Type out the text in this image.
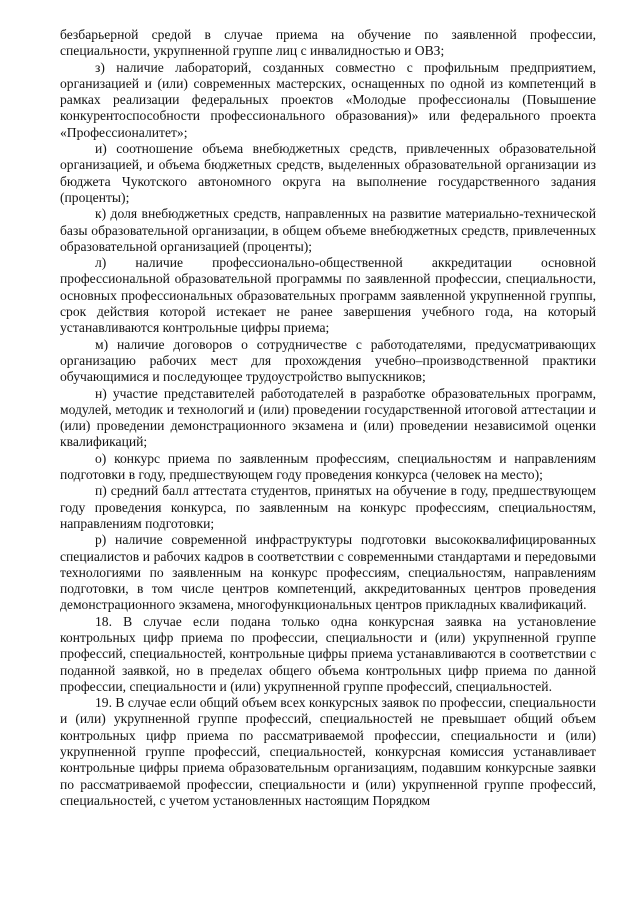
безбарьерной средой в случае приема на обучение по заявленной профессии, специальности, укрупненной группе лиц с инвалидностью и ОВЗ;

з) наличие лабораторий, созданных совместно с профильным предприятием, организацией и (или) современных мастерских, оснащенных по одной из компетенций в рамках реализации федеральных проектов «Молодые профессионалы (Повышение конкурентоспособности профессионального образования)» или федерального проекта «Профессионалитет»;

и) соотношение объема внебюджетных средств, привлеченных образовательной организацией, и объема бюджетных средств, выделенных образовательной организации из бюджета Чукотского автономного округа на выполнение государственного задания (проценты);

к) доля внебюджетных средств, направленных на развитие материально-технической базы образовательной организации, в общем объеме внебюджетных средств, привлеченных образовательной организацией (проценты);

л) наличие профессионально-общественной аккредитации основной профессиональной образовательной программы по заявленной профессии, специальности, основных профессиональных образовательных программ заявленной укрупненной группы, срок действия которой истекает не ранее завершения учебного года, на который устанавливаются контрольные цифры приема;

м) наличие договоров о сотрудничестве с работодателями, предусматривающих организацию рабочих мест для прохождения учебно–производственной практики обучающимися и последующее трудоустройство выпускников;

н) участие представителей работодателей в разработке образовательных программ, модулей, методик и технологий и (или) проведении государственной итоговой аттестации и (или) проведении демонстрационного экзамена и (или) проведении независимой оценки квалификаций;

о) конкурс приема по заявленным профессиям, специальностям и направлениям подготовки в году, предшествующем году проведения конкурса (человек на место);

п) средний балл аттестата студентов, принятых на обучение в году, предшествующем году проведения конкурса, по заявленным на конкурс профессиям, специальностям, направлениям подготовки;

р) наличие современной инфраструктуры подготовки высококвалифицированных специалистов и рабочих кадров в соответствии с современными стандартами и передовыми технологиями по заявленным на конкурс профессиям, специальностям, направлениям подготовки, в том числе центров компетенций, аккредитованных центров проведения демонстрационного экзамена, многофункциональных центров прикладных квалификаций.

18. В случае если подана только одна конкурсная заявка на установление контрольных цифр приема по профессии, специальности и (или) укрупненной группе профессий, специальностей, контрольные цифры приема устанавливаются в соответствии с поданной заявкой, но в пределах общего объема контрольных цифр приема по данной профессии, специальности и (или) укрупненной группе профессий, специальностей.

19. В случае если общий объем всех конкурсных заявок по профессии, специальности и (или) укрупненной группе профессий, специальностей не превышает общий объем контрольных цифр приема по рассматриваемой профессии, специальности и (или) укрупненной группе профессий, специальностей, конкурсная комиссия устанавливает контрольные цифры приема образовательным организациям, подавшим конкурсные заявки по рассматриваемой профессии, специальности и (или) укрупненной группе профессий, специальностей, с учетом установленных настоящим Порядком
